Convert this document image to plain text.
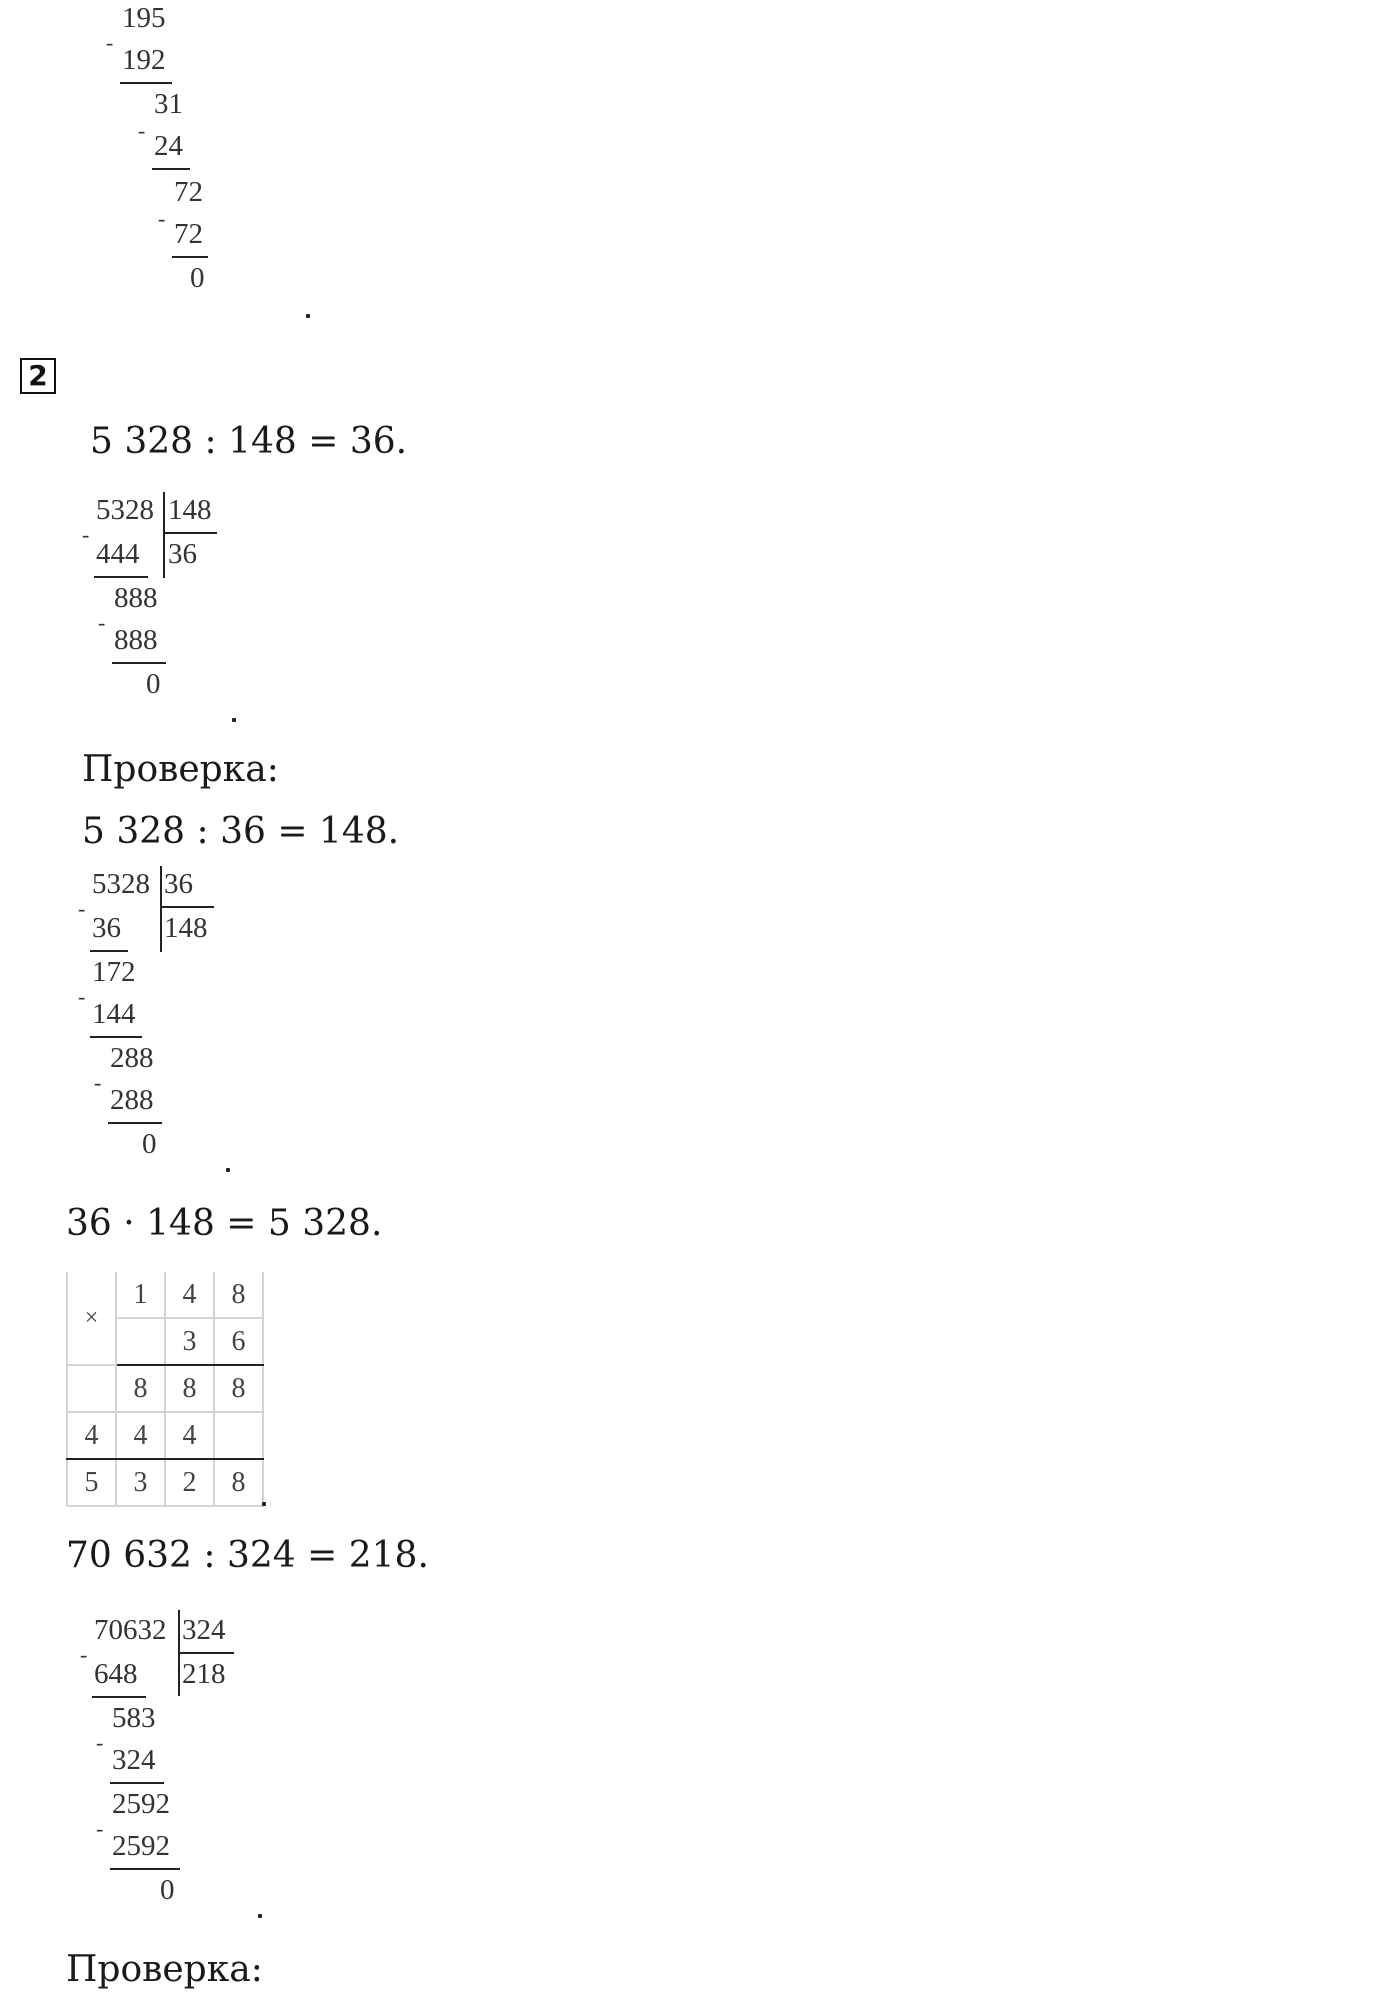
195
-
192
31
- 24
72
- 72
0
2
5 328 : 148 = 36.
5328 148
36
-
444
888
-
888
0
Проверка:
5 328 : 36 = 148.
5328 36
148
-
36
172
-
144
288
-
288
0
36 · 148 = 5 328.
×	1	4	8
		3	6
	8	8	8
4	4	4	
5	3	2	8
70 632 : 324 = 218.
70632 324
218
-
648
583
-
324
2592
-
2592
0
Проверка:
